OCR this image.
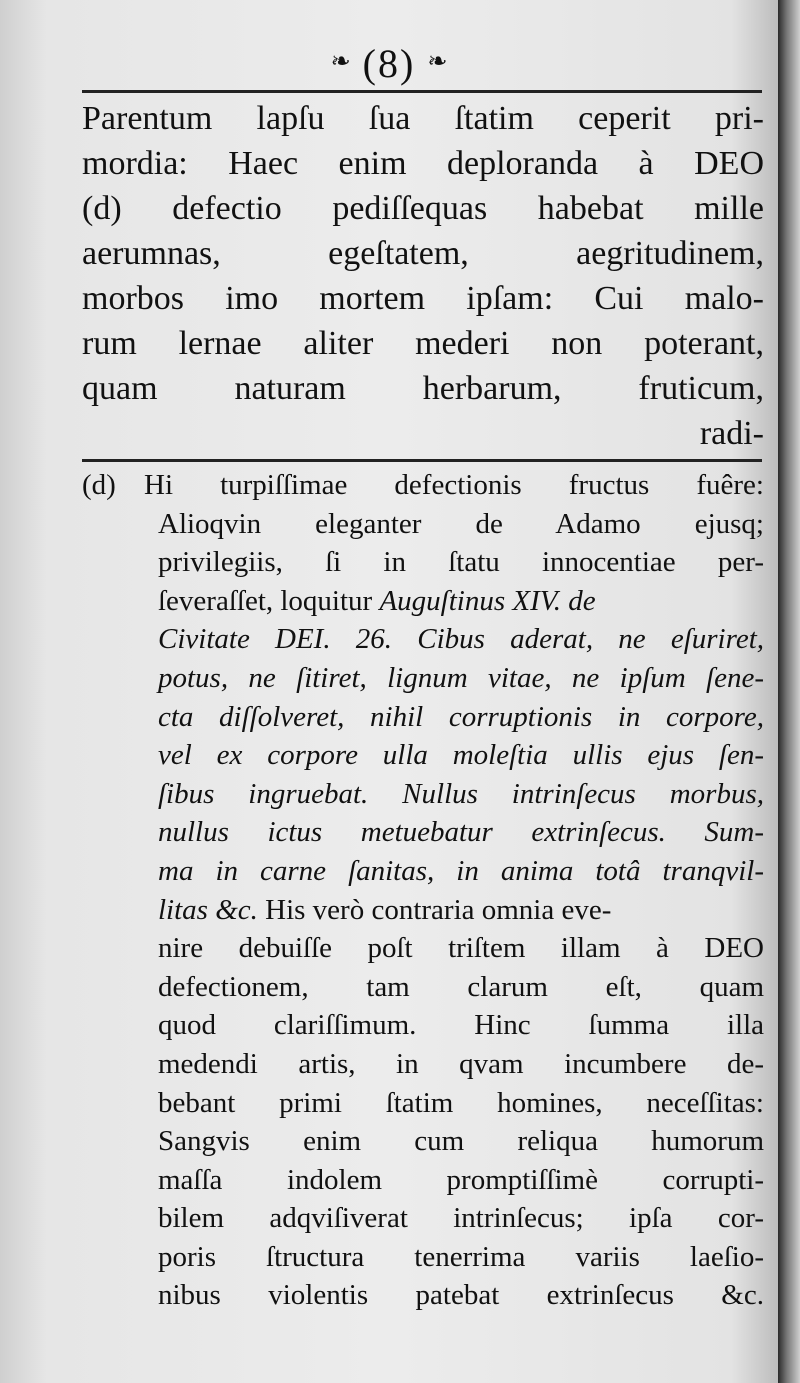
❧ (8) ❧
Parentum lapſu ſua ſtatim ceperit pri-
mordia: Haec enim deploranda à DEO
(d) defectio pediſſequas habebat mille
aerumnas, egeſtatem, aegritudinem,
morbos imo mortem ipſam: Cui malo-
rum lernae aliter mederi non poterant,
quam naturam herbarum, fruticum,
radi-
(d) Hi turpiſſimae defectionis fructus fuêre:
Alioqvin eleganter de Adamo ejusq;
privilegiis, ſi in ſtatu innocentiae per-
ſeveraſſet, loquitur Auguſtinus XIV. de
Civitate DEI. 26. Cibus aderat, ne eſuriret,
potus, ne ſitiret, lignum vitae, ne ipſum ſene-
cta diſſolveret, nihil corruptionis in corpore,
vel ex corpore ulla moleſtia ullis ejus ſen-
ſibus ingruebat. Nullus intrinſecus morbus,
nullus ictus metuebatur extrinſecus. Sum-
ma in carne ſanitas, in anima totâ tranqvil-
litas &c. His verò contraria omnia eve-
nire debuiſſe poſt triſtem illam à DEO
defectionem, tam clarum eſt, quam
quod clariſſimum. Hinc ſumma illa
medendi artis, in qvam incumbere de-
bebant primi ſtatim homines, neceſſitas:
Sangvis enim cum reliqua humorum
maſſa indolem promptiſſimè corrupti-
bilem adqviſiverat intrinſecus; ipſa cor-
poris ſtructura tenerrima variis laeſio-
nibus violentis patebat extrinſecus &c.
